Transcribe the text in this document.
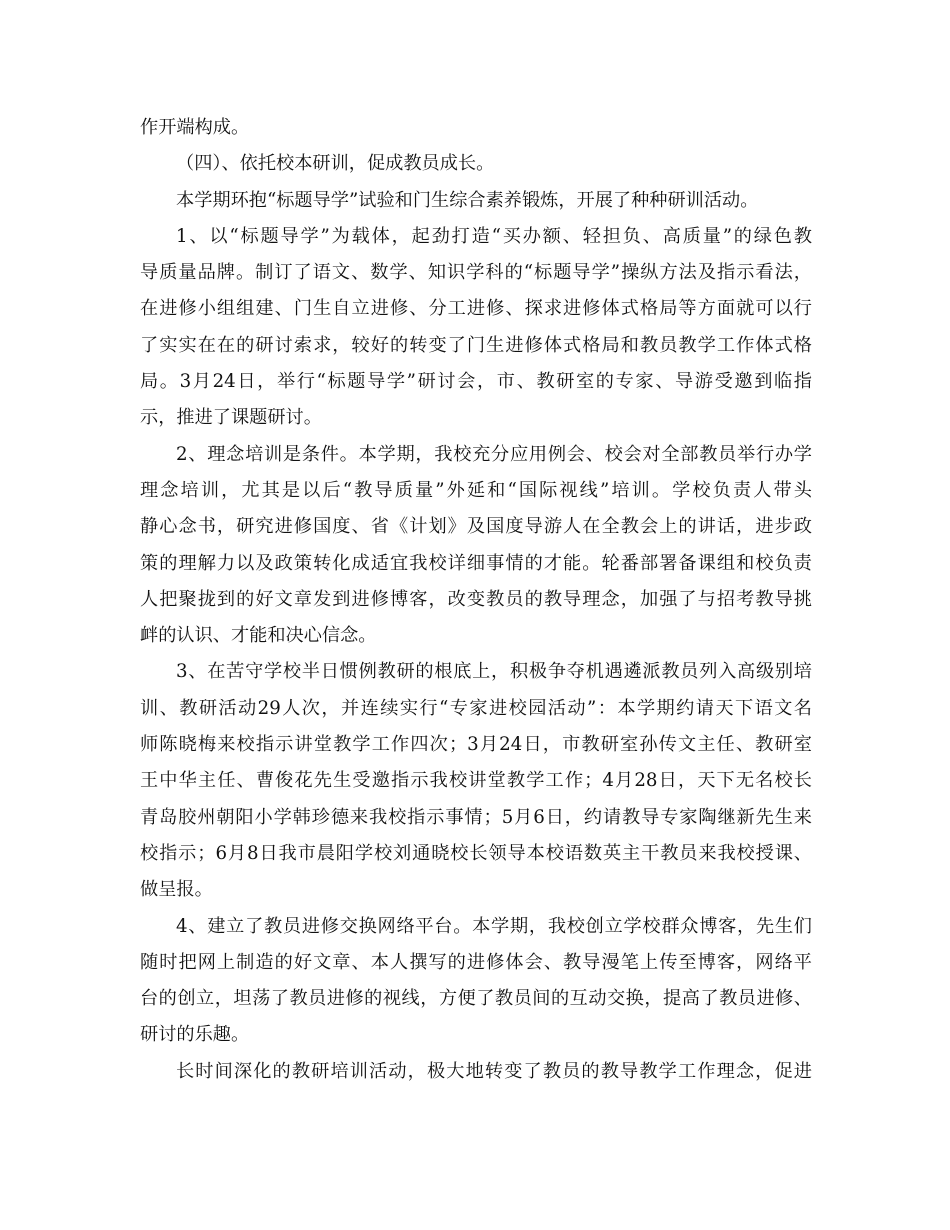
作开端构成。
（四）、依托校本研训，促成教员成长。
本学期环抱“标题导学”试验和门生综合素养锻炼，开展了种种研训活动。
1、以“标题导学”为载体，起劲打造“买办额、轻担负、高质量”的绿色教
导质量品牌。制订了语文、数学、知识学科的“标题导学”操纵方法及指示看法，
在进修小组组建、门生自立进修、分工进修、探求进修体式格局等方面就可以行
了实实在在的研讨索求，较好的转变了门生进修体式格局和教员教学工作体式格
局。3月24日，举行“标题导学”研讨会，市、教研室的专家、导游受邀到临指
示，推进了课题研讨。
2、理念培训是条件。本学期，我校充分应用例会、校会对全部教员举行办学
理念培训，尤其是以后“教导质量”外延和“国际视线”培训。学校负责人带头
静心念书，研究进修国度、省《计划》及国度导游人在全教会上的讲话，进步政
策的理解力以及政策转化成适宜我校详细事情的才能。轮番部署备课组和校负责
人把聚拢到的好文章发到进修博客，改变教员的教导理念，加强了与招考教导挑
衅的认识、才能和决心信念。
3、在苦守学校半日惯例教研的根底上，积极争夺机遇遴派教员列入高级别培
训、教研活动29人次，并连续实行“专家进校园活动”：本学期约请天下语文名
师陈晓梅来校指示讲堂教学工作四次；3月24日，市教研室孙传文主任、教研室
王中华主任、曹俊花先生受邀指示我校讲堂教学工作；4月28日，天下无名校长
青岛胶州朝阳小学韩珍德来我校指示事情；5月6日，约请教导专家陶继新先生来
校指示；6月8日我市晨阳学校刘通晓校长领导本校语数英主干教员来我校授课、
做呈报。
4、建立了教员进修交换网络平台。本学期，我校创立学校群众博客，先生们
随时把网上制造的好文章、本人撰写的进修体会、教导漫笔上传至博客，网络平
台的创立，坦荡了教员进修的视线，方便了教员间的互动交换，提高了教员进修、
研讨的乐趣。
长时间深化的教研培训活动，极大地转变了教员的教导教学工作理念，促进
